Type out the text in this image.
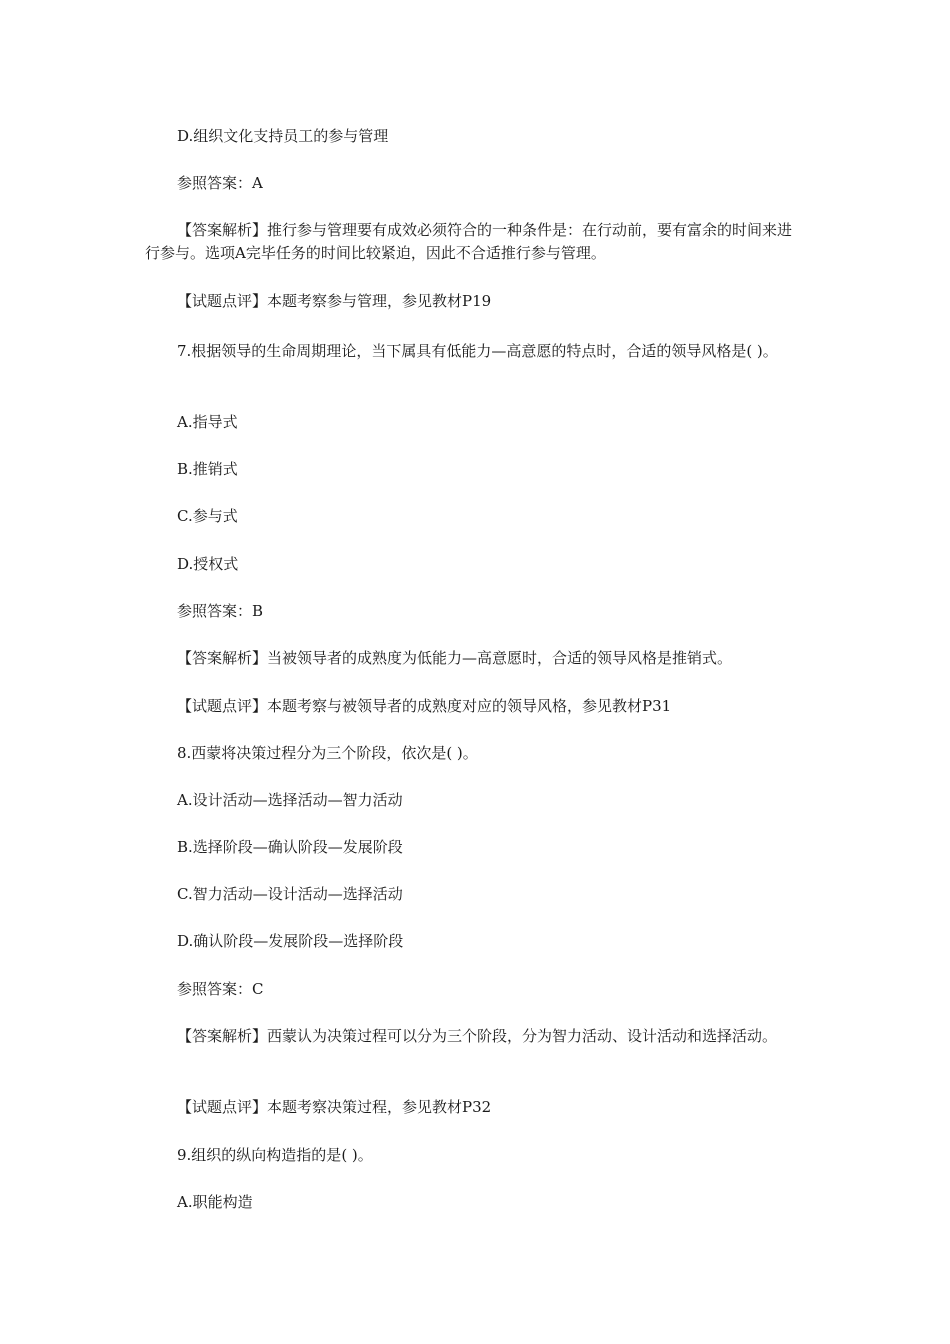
D.组织文化支持员工的参与管理

参照答案：A

【答案解析】推行参与管理要有成效必须符合的一种条件是：在行动前，要有富余的时间来进行参与。选项A完毕任务的时间比较紧迫，因此不合适推行参与管理。

【试题点评】本题考察参与管理，参见教材P19

7.根据领导的生命周期理论，当下属具有低能力—高意愿的特点时，合适的领导风格是( )。

A.指导式

B.推销式

C.参与式

D.授权式

参照答案：B

【答案解析】当被领导者的成熟度为低能力—高意愿时，合适的领导风格是推销式。

【试题点评】本题考察与被领导者的成熟度对应的领导风格，参见教材P31

8.西蒙将决策过程分为三个阶段，依次是( )。

A.设计活动—选择活动—智力活动

B.选择阶段—确认阶段—发展阶段

C.智力活动—设计活动—选择活动

D.确认阶段—发展阶段—选择阶段

参照答案：C

【答案解析】西蒙认为决策过程可以分为三个阶段，分为智力活动、设计活动和选择活动。

【试题点评】本题考察决策过程，参见教材P32

9.组织的纵向构造指的是( )。

A.职能构造
